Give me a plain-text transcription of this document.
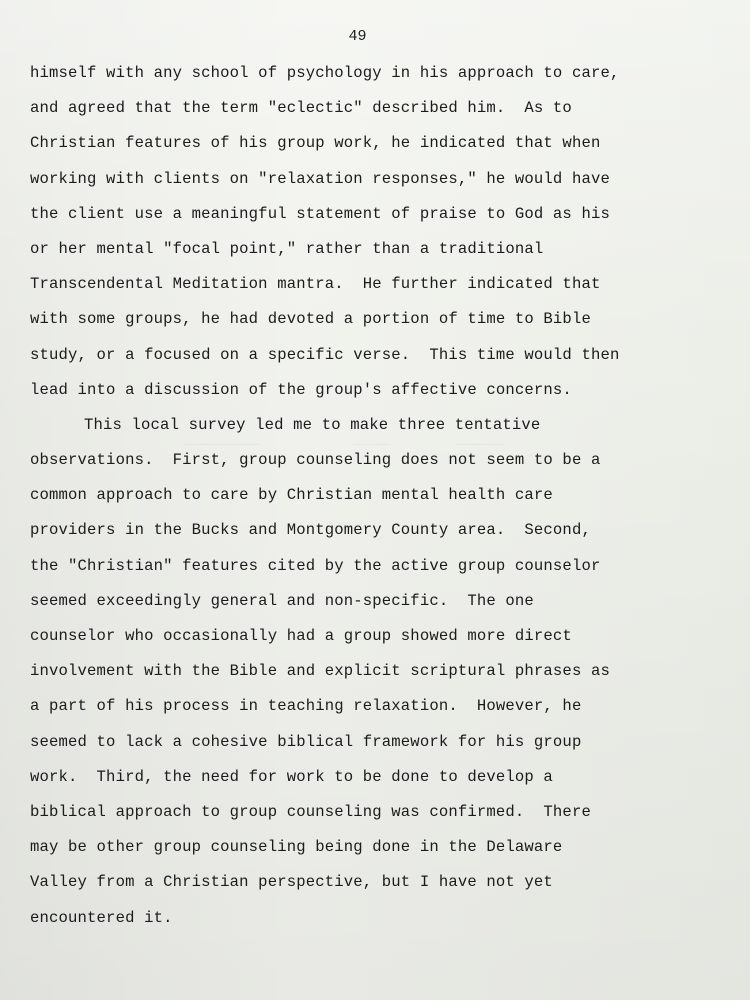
________          ____       _____
49
himself with any school of psychology in his approach to care,
and agreed that the term "eclectic" described him.  As to
Christian features of his group work, he indicated that when
working with clients on "relaxation responses," he would have
the client use a meaningful statement of praise to God as his
or her mental "focal point," rather than a traditional
Transcendental Meditation mantra.  He further indicated that
with some groups, he had devoted a portion of time to Bible
study, or a focused on a specific verse.  This time would then
lead into a discussion of the group's affective concerns.
This local survey led me to make three tentative
observations.  First, group counseling does not seem to be a
common approach to care by Christian mental health care
providers in the Bucks and Montgomery County area.  Second,
the "Christian" features cited by the active group counselor
seemed exceedingly general and non-specific.  The one
counselor who occasionally had a group showed more direct
involvement with the Bible and explicit scriptural phrases as
a part of his process in teaching relaxation.  However, he
seemed to lack a cohesive biblical framework for his group
work.  Third, the need for work to be done to develop a
biblical approach to group counseling was confirmed.  There
may be other group counseling being done in the Delaware
Valley from a Christian perspective, but I have not yet
encountered it.
